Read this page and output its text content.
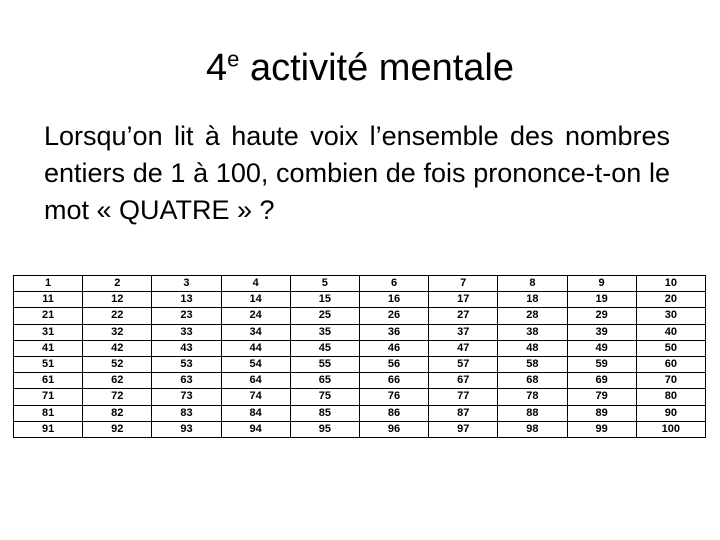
4e activité mentale
Lorsqu’on lit à haute voix l’ensemble des nombres entiers de 1 à 100, combien de fois prononce-t-on le mot « QUATRE » ?
1	2	3	4	5	6	7	8	9	10
11	12	13	14	15	16	17	18	19	20
21	22	23	24	25	26	27	28	29	30
31	32	33	34	35	36	37	38	39	40
41	42	43	44	45	46	47	48	49	50
51	52	53	54	55	56	57	58	59	60
61	62	63	64	65	66	67	68	69	70
71	72	73	74	75	76	77	78	79	80
81	82	83	84	85	86	87	88	89	90
91	92	93	94	95	96	97	98	99	100
